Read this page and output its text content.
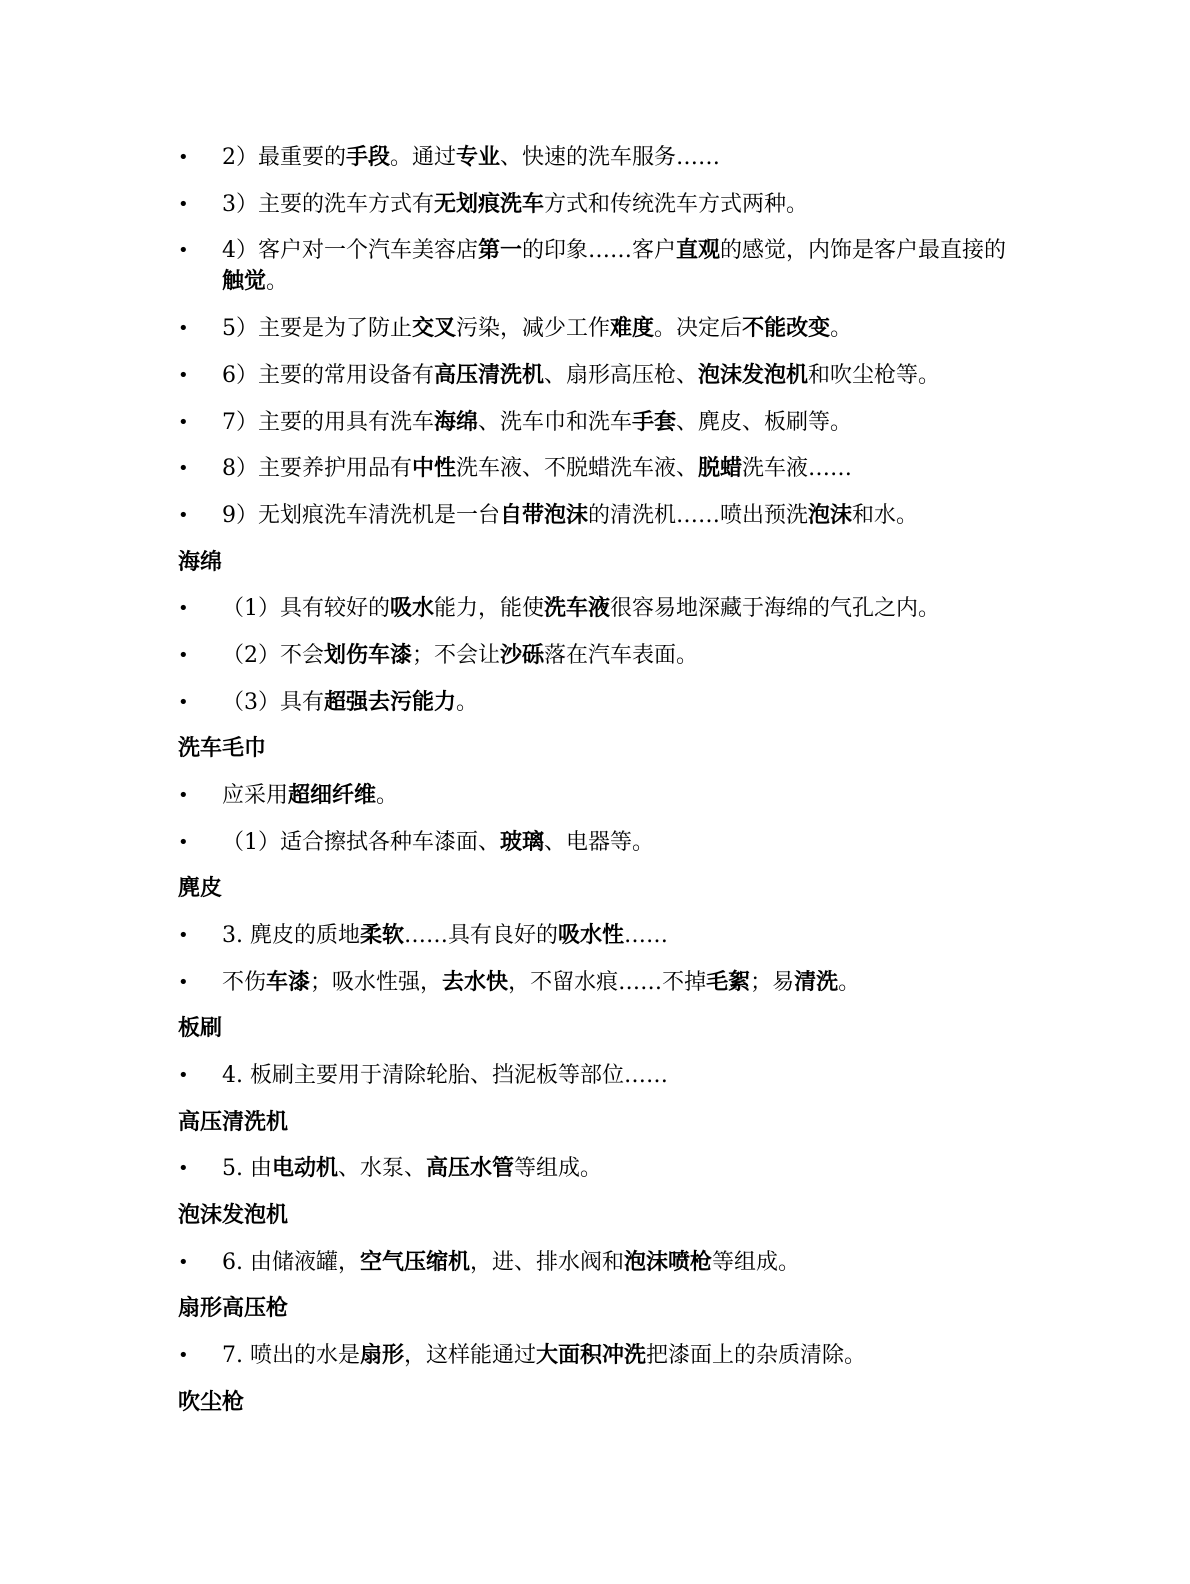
•	2）最重要的手段。通过专业、快速的洗车服务……
•	3）主要的洗车方式有无划痕洗车方式和传统洗车方式两种。
•	4）客户对一个汽车美容店第一的印象……客户直观的感觉，内饰是客户最直接的触觉。
•	5）主要是为了防止交叉污染，减少工作难度。决定后不能改变。
•	6）主要的常用设备有高压清洗机、扇形高压枪、泡沫发泡机和吹尘枪等。
•	7）主要的用具有洗车海绵、洗车巾和洗车手套、麂皮、板刷等。
•	8）主要养护用品有中性洗车液、不脱蜡洗车液、脱蜡洗车液……
•	9）无划痕洗车清洗机是一台自带泡沫的清洗机……喷出预洗泡沫和水。
海绵
•	（1）具有较好的吸水能力，能使洗车液很容易地深藏于海绵的气孔之内。
•	（2）不会划伤车漆；不会让沙砾落在汽车表面。
•	（3）具有超强去污能力。
洗车毛巾
•	应采用超细纤维。
•	（1）适合擦拭各种车漆面、玻璃、电器等。
麂皮
•	3. 麂皮的质地柔软……具有良好的吸水性……
•	不伤车漆；吸水性强，去水快，不留水痕……不掉毛絮；易清洗。
板刷
•	4. 板刷主要用于清除轮胎、挡泥板等部位……
高压清洗机
•	5. 由电动机、水泵、高压水管等组成。
泡沫发泡机
•	6. 由储液罐，空气压缩机，进、排水阀和泡沫喷枪等组成。
扇形高压枪
•	7. 喷出的水是扇形，这样能通过大面积冲洗把漆面上的杂质清除。
吹尘枪
